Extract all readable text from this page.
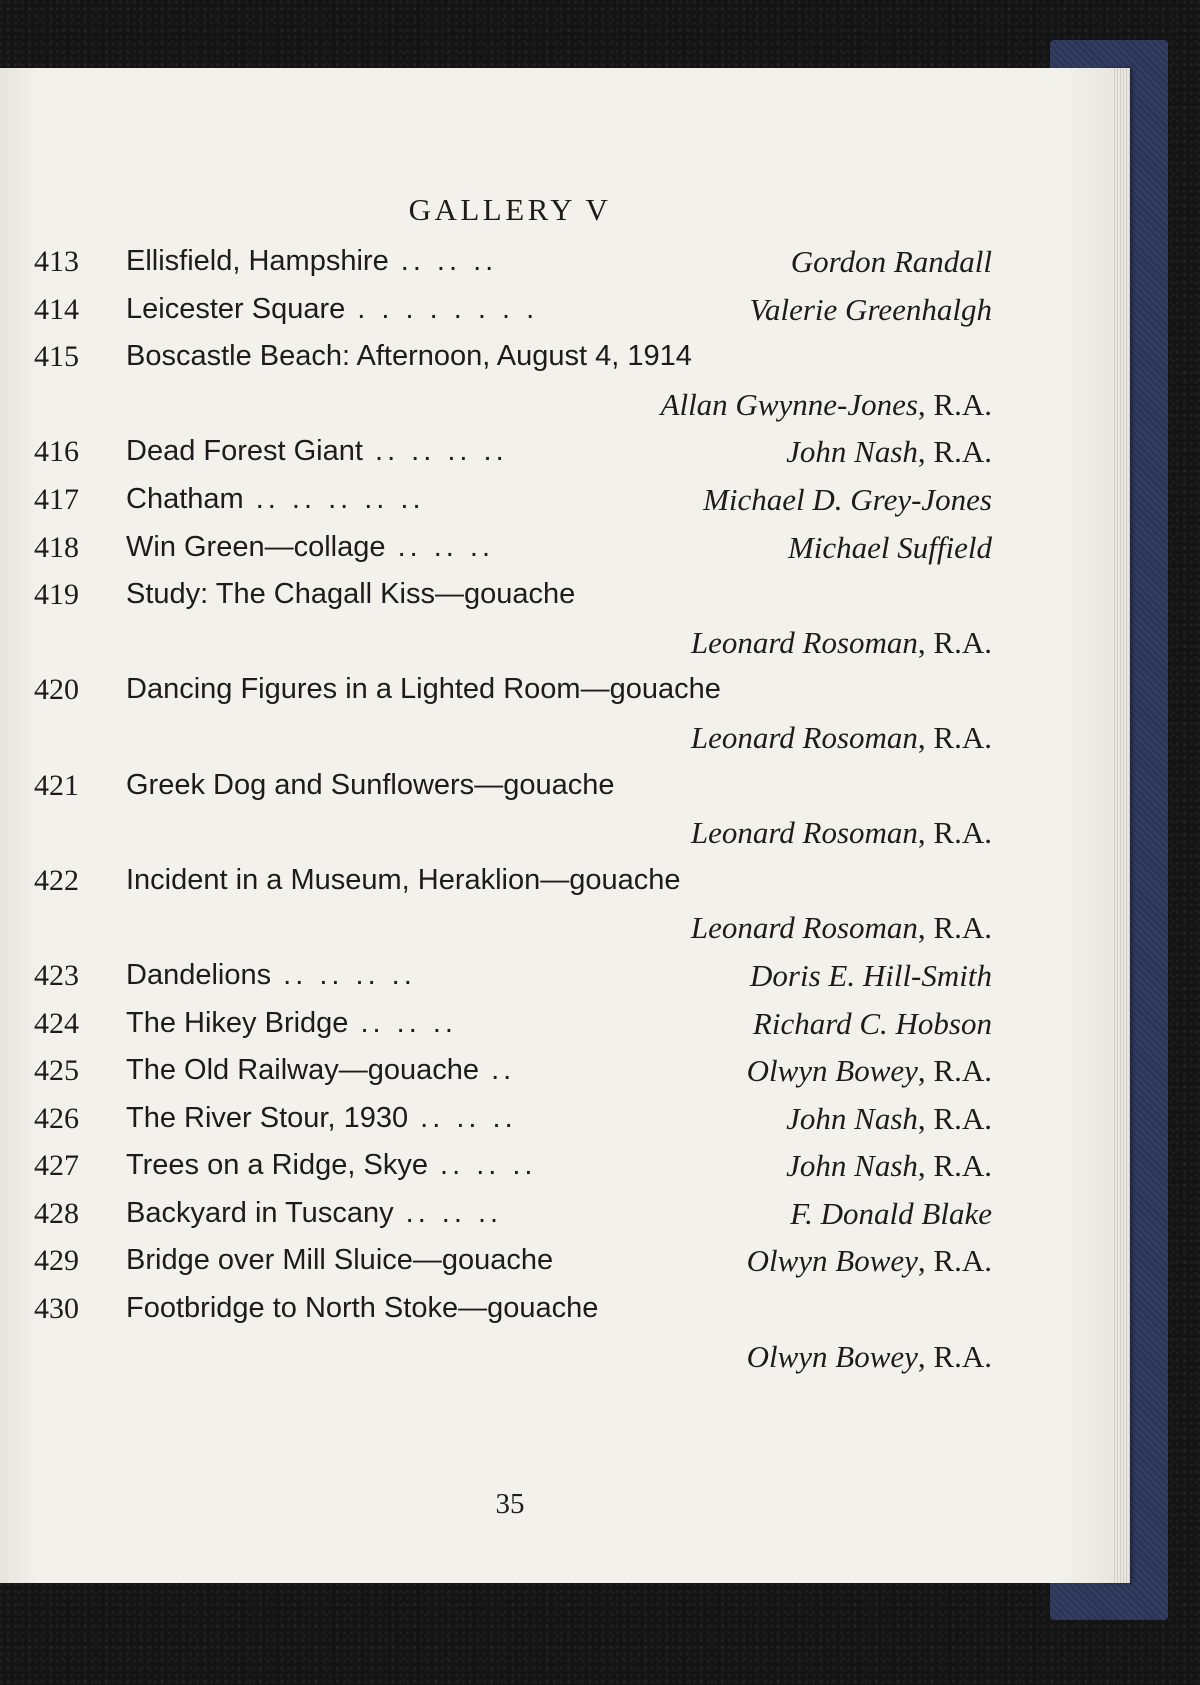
GALLERY V
413	Ellisfield, Hampshire .. .. ..	Gordon Randall
414	Leicester Square . . . . . . . .	Valerie Greenhalgh
415	Boscastle Beach: Afternoon, August 4, 1914
Allan Gwynne-Jones, R.A.
416	Dead Forest Giant .. .. .. ..	John Nash, R.A.
417	Chatham .. .. .. .. ..	Michael D. Grey-Jones
418	Win Green—collage .. .. ..	Michael Suffield
419	Study: The Chagall Kiss—gouache
Leonard Rosoman, R.A.
420	Dancing Figures in a Lighted Room—gouache
Leonard Rosoman, R.A.
421	Greek Dog and Sunflowers—gouache
Leonard Rosoman, R.A.
422	Incident in a Museum, Heraklion—gouache
Leonard Rosoman, R.A.
423	Dandelions .. .. .. ..	Doris E. Hill-Smith
424	The Hikey Bridge .. .. ..	Richard C. Hobson
425	The Old Railway—gouache ..	Olwyn Bowey, R.A.
426	The River Stour, 1930 .. .. ..	John Nash, R.A.
427	Trees on a Ridge, Skye .. .. ..	John Nash, R.A.
428	Backyard in Tuscany .. .. ..	F. Donald Blake
429	Bridge over Mill Sluice—gouache	Olwyn Bowey, R.A.
430	Footbridge to North Stoke—gouache
Olwyn Bowey, R.A.
35
